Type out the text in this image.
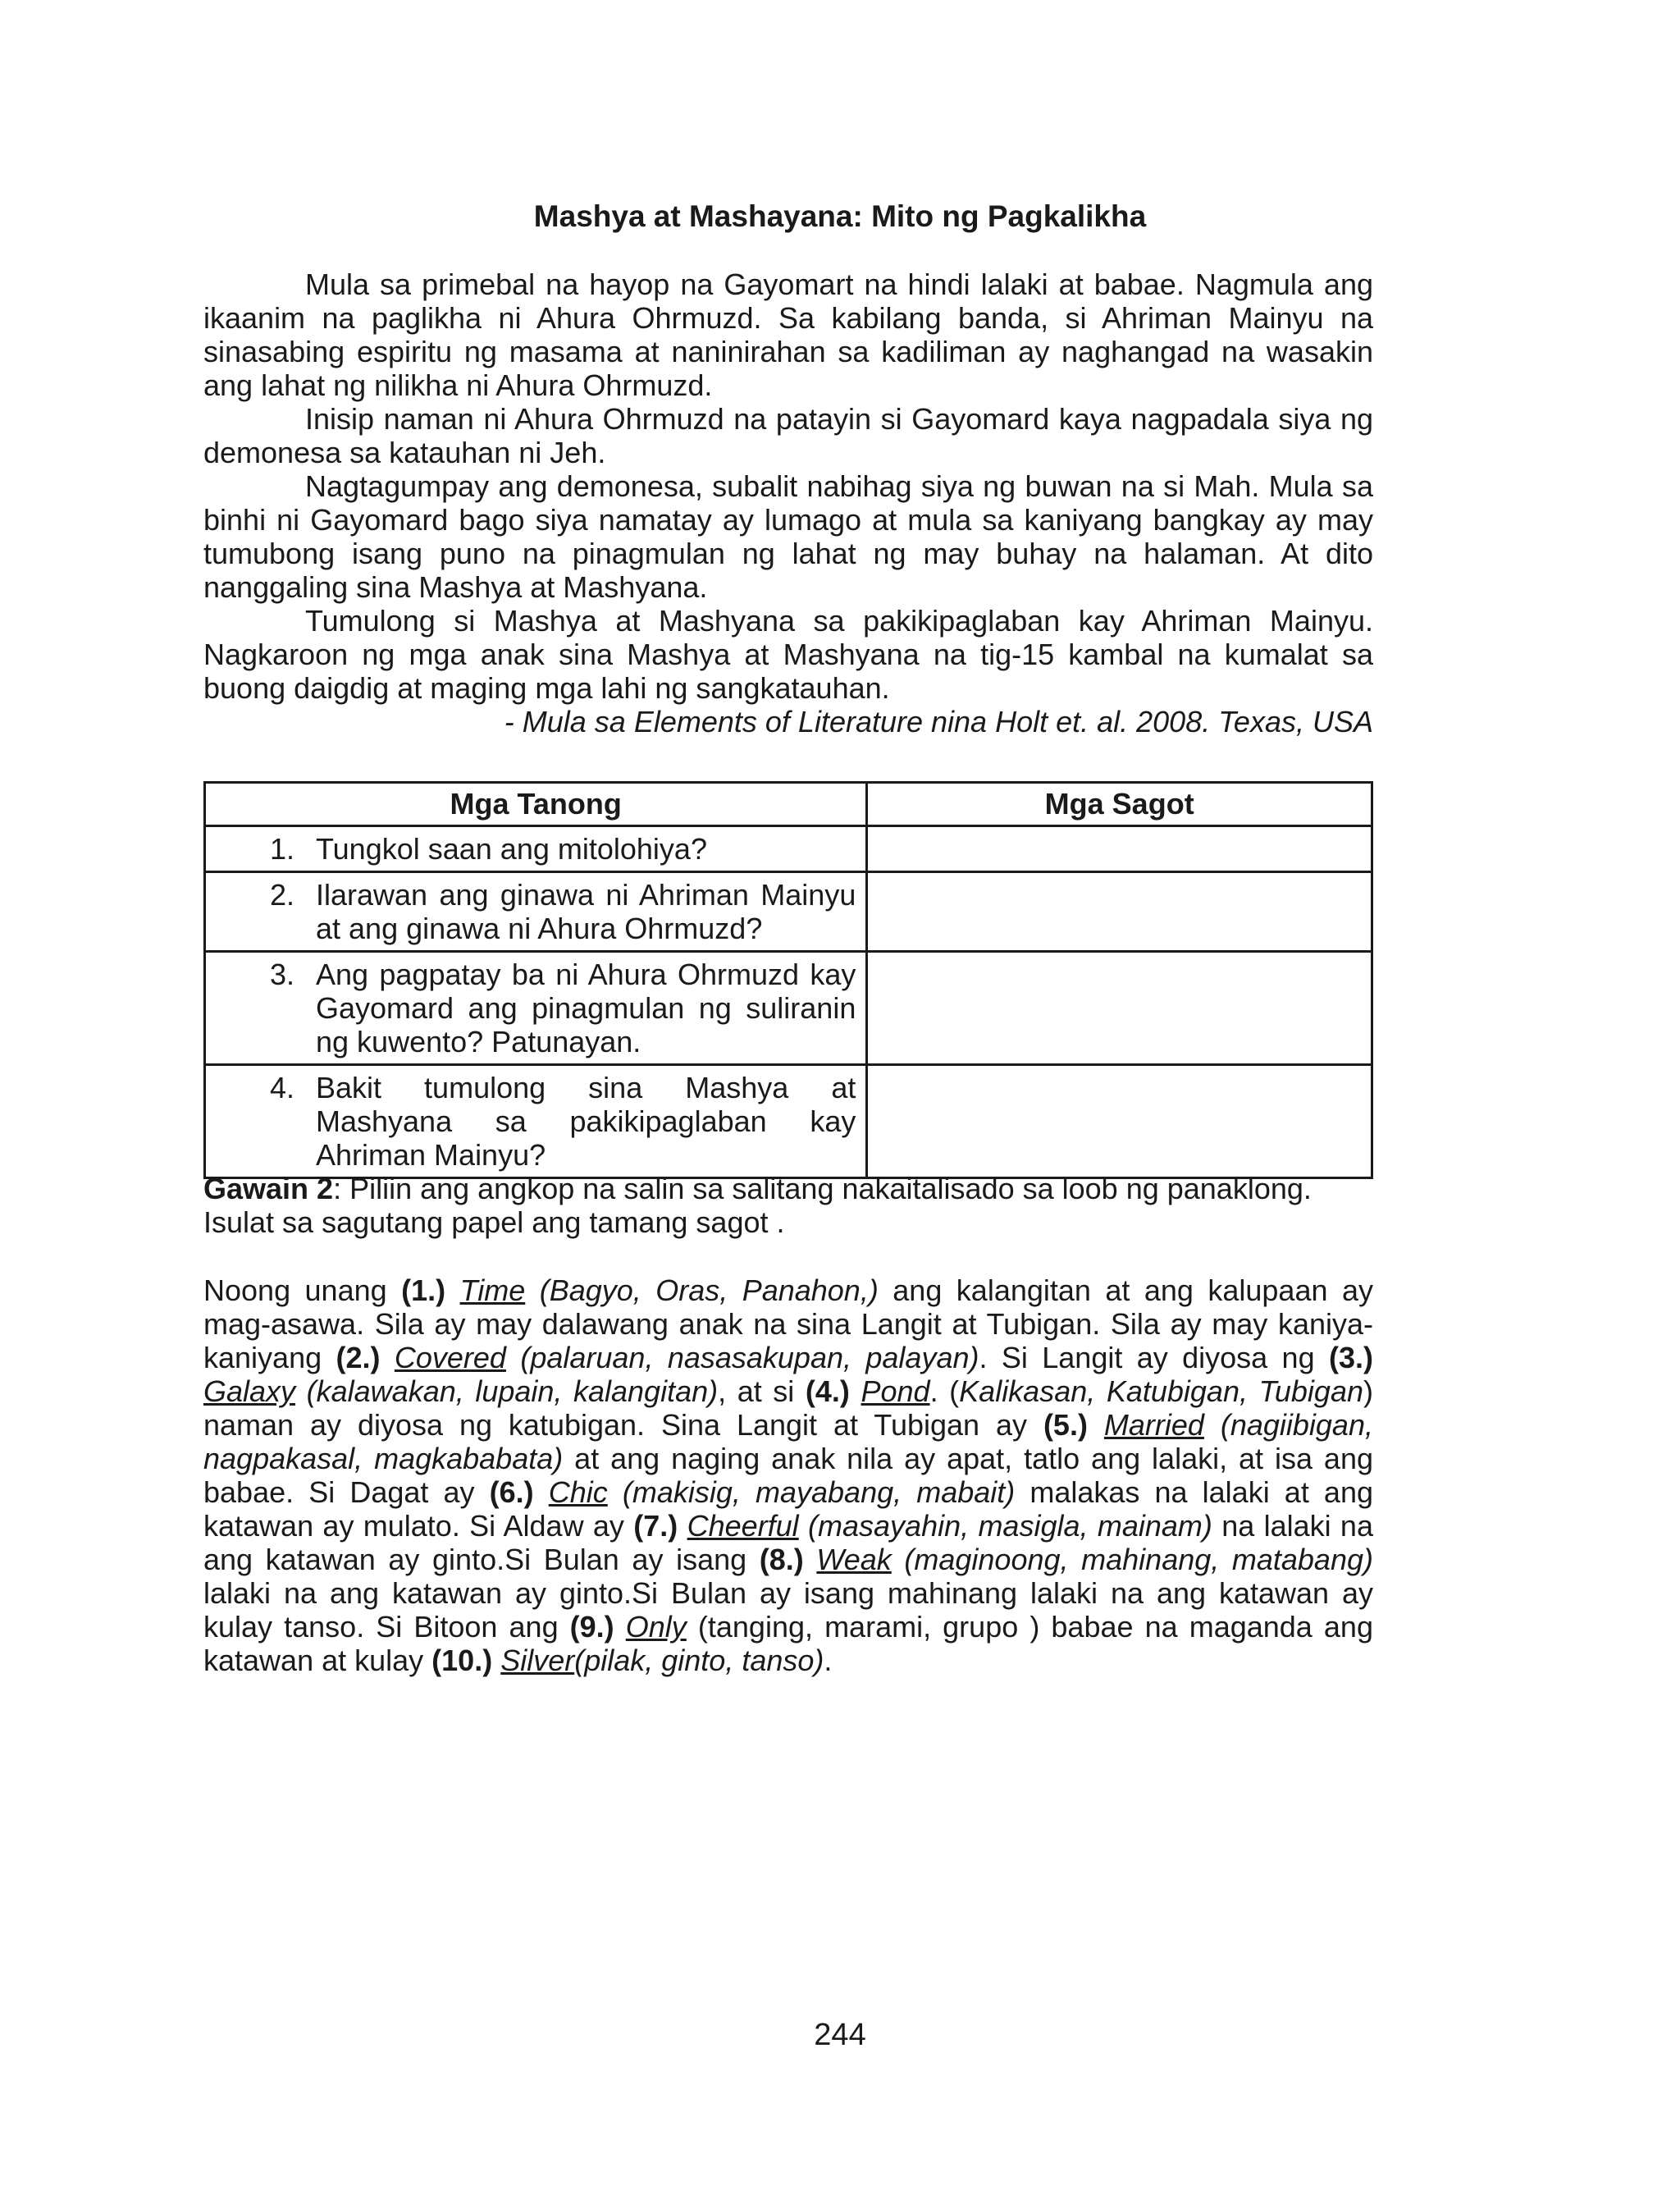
Mashya at Mashayana: Mito ng Pagkalikha

Mula sa primebal na hayop na Gayomart na hindi lalaki at babae. Nagmula ang ikaanim na paglikha ni Ahura Ohrmuzd. Sa kabilang banda, si Ahriman Mainyu na sinasabing espiritu ng masama at naninirahan sa kadiliman ay naghangad na wasakin ang lahat ng nilikha ni Ahura Ohrmuzd.

Inisip naman ni Ahura Ohrmuzd na patayin si Gayomard kaya nagpadala siya ng demonesa sa katauhan ni Jeh.

Nagtagumpay ang demonesa, subalit nabihag siya ng buwan na si Mah. Mula sa binhi ni Gayomard bago siya namatay ay lumago at mula sa kaniyang bangkay ay may tumubong isang puno na pinagmulan ng lahat ng may buhay na halaman. At dito nanggaling sina Mashya at Mashyana.

Tumulong si Mashya at Mashyana sa pakikipaglaban kay Ahriman Mainyu. Nagkaroon ng mga anak sina Mashya at Mashyana na tig-15 kambal na kumalat sa buong daigdig at maging mga lahi ng sangkatauhan.

- Mula sa Elements of Literature nina Holt et. al. 2008. Texas, USA
Mga Tanong	Mga Sagot

1. Tungkol saan ang mitolohiya?	

2. Ilarawan ang ginawa ni Ahriman Mainyu at ang ginawa ni Ahura Ohrmuzd?	

3. Ang pagpatay ba ni Ahura Ohrmuzd kay Gayomard ang pinagmulan ng suliranin ng kuwento? Patunayan.	

4. Bakit tumulong sina Mashya at Mashyana sa pakikipaglaban kay Ahriman Mainyu?	

Gawain 2: Piliin ang angkop na salin sa salitang nakaitalisado sa loob ng panaklong. Isulat sa sagutang papel ang tamang sagot .

Noong unang (1.) Time (Bagyo, Oras, Panahon,) ang kalangitan at ang kalupaan ay mag-asawa. Sila ay may dalawang anak na sina Langit at Tubigan. Sila ay may kaniya-kaniyang (2.) Covered (palaruan, nasasakupan, palayan). Si Langit ay diyosa ng (3.) Galaxy (kalawakan, lupain, kalangitan), at si (4.) Pond. (Kalikasan, Katubigan, Tubigan) naman ay diyosa ng katubigan. Sina Langit at Tubigan ay (5.) Married (nagiibigan, nagpakasal, magkababata) at ang naging anak nila ay apat, tatlo ang lalaki, at isa ang babae. Si Dagat ay (6.) Chic (makisig, mayabang, mabait) malakas na lalaki at ang katawan ay mulato. Si Aldaw ay (7.) Cheerful (masayahin, masigla, mainam) na lalaki na ang katawan ay ginto.Si Bulan ay isang (8.) Weak (maginoong, mahinang, matabang) lalaki na ang katawan ay ginto.Si Bulan ay isang mahinang lalaki na ang katawan ay kulay tanso. Si Bitoon ang (9.) Only (tanging, marami, grupo ) babae na maganda ang katawan at kulay (10.) Silver(pilak, ginto, tanso).

244
